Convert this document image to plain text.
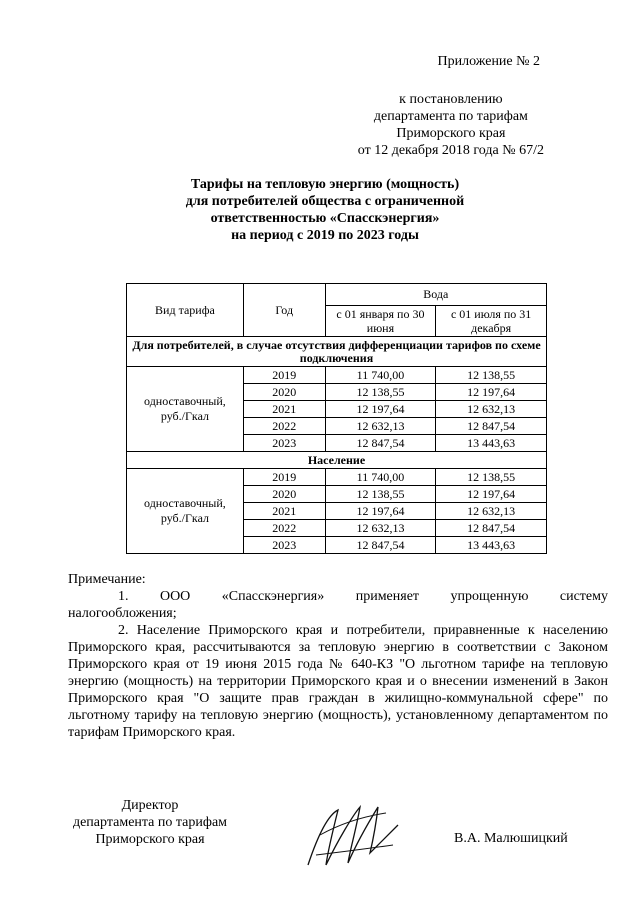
Приложение № 2
к постановлению
департамента по тарифам
Приморского края
от 12 декабря 2018 года № 67/2
Тарифы на тепловую энергию (мощность)
для потребителей общества с ограниченной
ответственностью «Спасскэнергия»
на период с 2019 по 2023 годы
Вид тарифа	Год	Вода	
		с 01 января по 30 июня	с 01 июля по 31 декабря
Для потребителей, в случае отсутствия дифференциации тарифов по схеме подключения			
одноставочный, руб./Гкал	2019	11 740,00	12 138,55
	2020	12 138,55	12 197,64
	2021	12 197,64	12 632,13
	2022	12 632,13	12 847,54
	2023	12 847,54	13 443,63
Население			
одноставочный, руб./Гкал	2019	11 740,00	12 138,55
	2020	12 138,55	12 197,64
	2021	12 197,64	12 632,13
	2022	12 632,13	12 847,54
	2023	12 847,54	13 443,63
Примечание:
1. ООО «Спасскэнергия» применяет упрощенную систему налогообложения;
2. Население Приморского края и потребители, приравненные к населению Приморского края, рассчитываются за тепловую энергию в соответствии с Законом Приморского края от 19 июня 2015 года № 640-КЗ "О льготном тарифе на тепловую энергию (мощность) на территории Приморского края и о внесении изменений в Закон Приморского края "О защите прав граждан в жилищно-коммунальной сфере" по льготному тарифу на тепловую энергию (мощность), установленному департаментом по тарифам Приморского края.
Директор
департамента по тарифам
Приморского края	В.А. Малюшицкий
